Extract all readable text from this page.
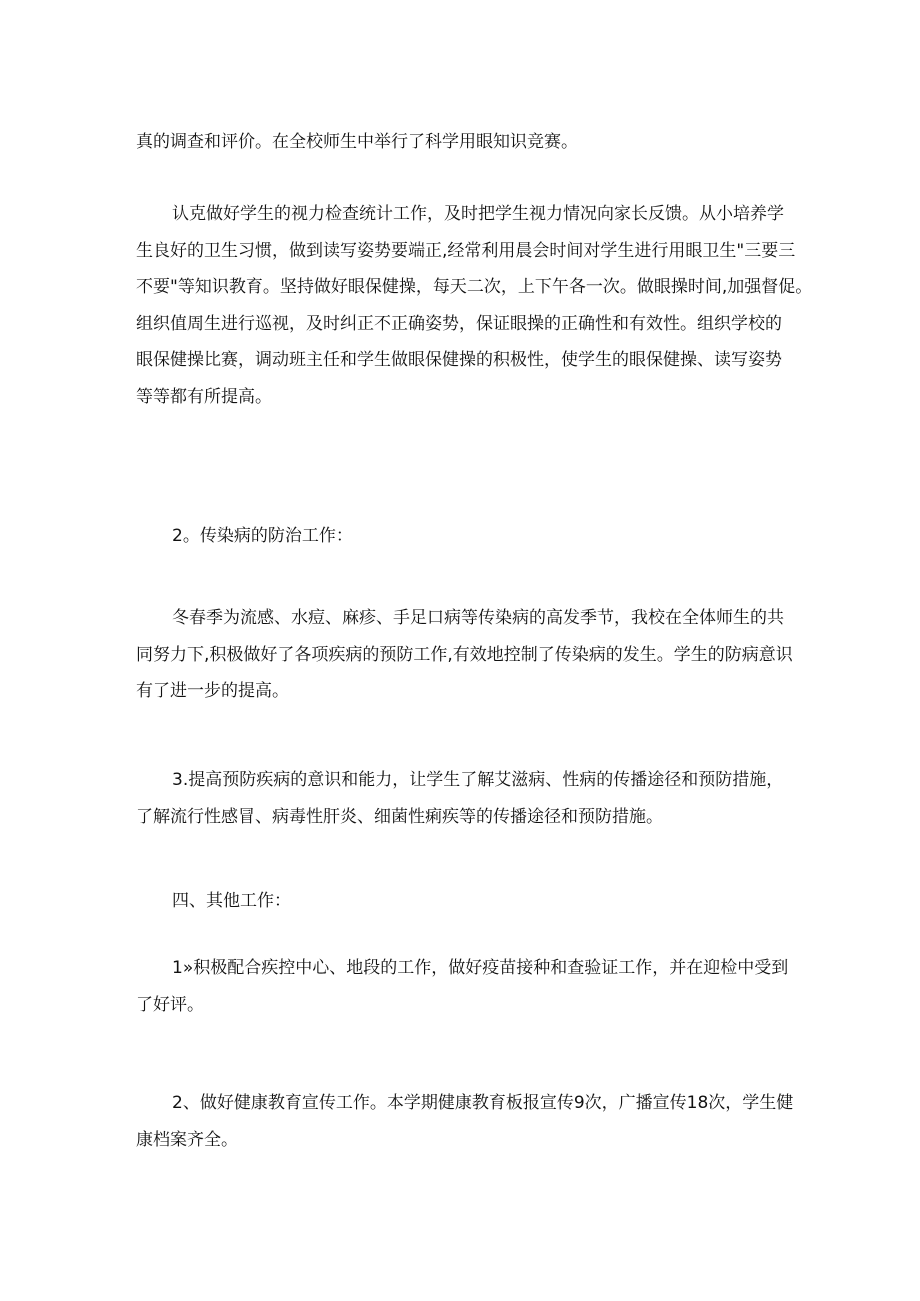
真的调查和评价。在全校师生中举行了科学用眼知识竞赛。

认克做好学生的视力检查统计工作，及时把学生视力情况向家长反馈。从小培养学
生良好的卫生习惯，做到读写姿势要端正,经常利用晨会时间对学生进行用眼卫生"三要三
不要"等知识教育。坚持做好眼保健操，每天二次，上下午各一次。做眼操时间,加强督促。
组织值周生进行巡视，及时纠正不正确姿势，保证眼操的正确性和有效性。组织学校的
眼保健操比赛，调动班主任和学生做眼保健操的积极性，使学生的眼保健操、读写姿势
等等都有所提高。

2。传染病的防治工作：

冬春季为流感、水痘、麻疹、手足口病等传染病的高发季节，我校在全体师生的共
同努力下,积极做好了各项疾病的预防工作,有效地控制了传染病的发生。学生的防病意识
有了进一步的提高。

3.提高预防疾病的意识和能力，让学生了解艾滋病、性病的传播途径和预防措施，
了解流行性感冒、病毒性肝炎、细菌性痢疾等的传播途径和预防措施。

四、其他工作：

1»积极配合疾控中心、地段的工作，做好疫苗接种和查验证工作，并在迎检中受到
了好评。

2、做好健康教育宣传工作。本学期健康教育板报宣传9次，广播宣传18次，学生健
康档案齐全。
